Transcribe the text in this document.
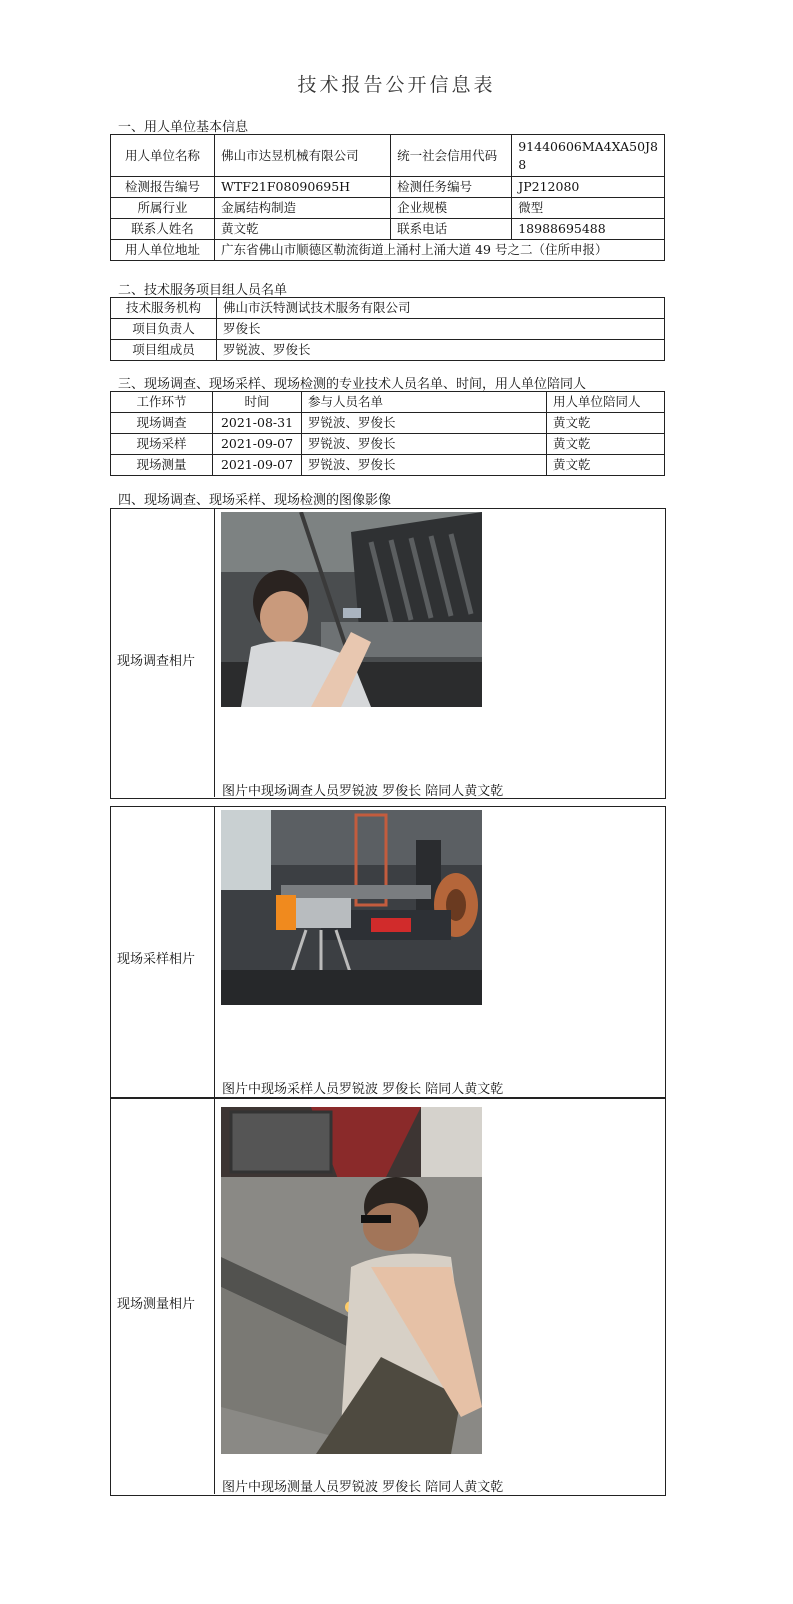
技术报告公开信息表
一、用人单位基本信息
用人单位名称	佛山市达昱机械有限公司	统一社会信用代码	91440606MA4XA50J8
8
检测报告编号	WTF21F08090695H	检测任务编号	JP212080
所属行业	金属结构制造	企业规模	微型
联系人姓名	黄文乾	联系电话	18988695488
用人单位地址	广东省佛山市顺德区勒流街道上涌村上涌大道 49 号之二（住所申报）		
二、技术服务项目组人员名单
技术服务机构	佛山市沃特测试技术服务有限公司
项目负责人	罗俊长
项目组成员	罗锐波、罗俊长
三、现场调查、现场采样、现场检测的专业技术人员名单、时间，用人单位陪同人
工作环节	时间	参与人员名单	用人单位陪同人
现场调查	2021-08-31	罗锐波、罗俊长	黄文乾
现场采样	2021-09-07	罗锐波、罗俊长	黄文乾
现场测量	2021-09-07	罗锐波、罗俊长	黄文乾
四、现场调查、现场采样、现场检测的图像影像
现场调查相片
图片中现场调查人员罗锐波 罗俊长 陪同人黄文乾
现场采样相片
图片中现场采样人员罗锐波 罗俊长 陪同人黄文乾
现场测量相片
图片中现场测量人员罗锐波 罗俊长 陪同人黄文乾
